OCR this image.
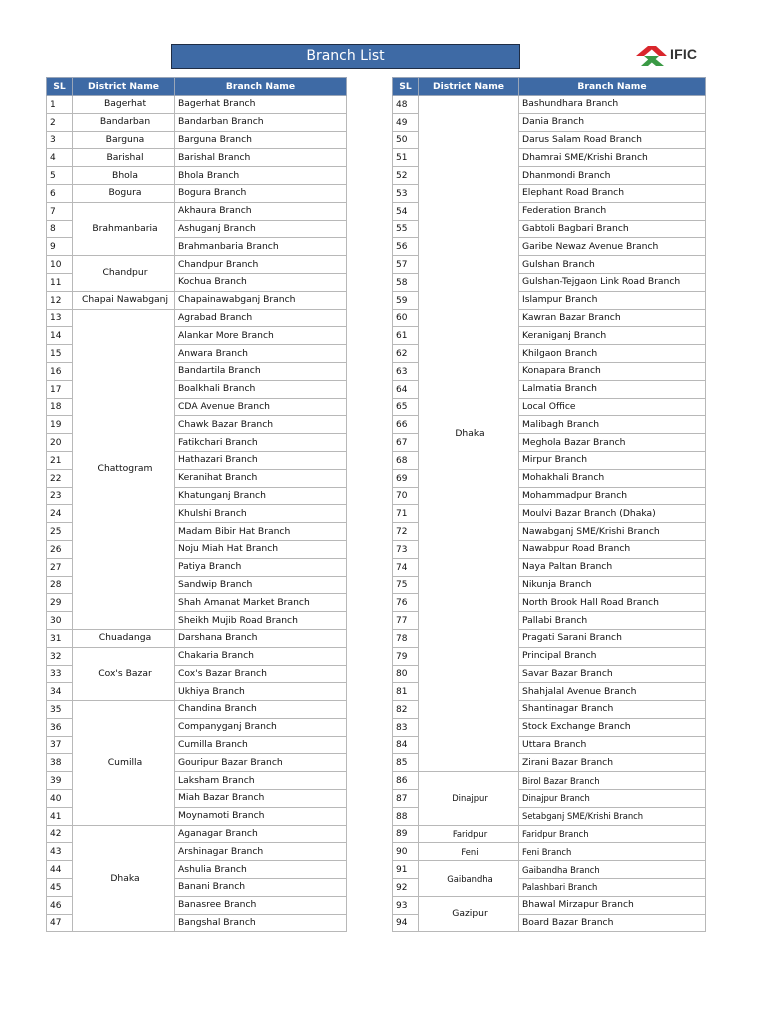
Branch List	IFIC
SL	District Name	Branch Name
1	Bagerhat	Bagerhat Branch
2	Bandarban	Bandarban Branch
3	Barguna	Barguna Branch
4	Barishal	Barishal Branch
5	Bhola	Bhola Branch
6	Bogura	Bogura Branch
7	Brahmanbaria	Akhaura Branch
8		Ashuganj Branch
9		Brahmanbaria Branch
10	Chandpur	Chandpur Branch
11		Kochua Branch
12	Chapai Nawabganj	Chapainawabganj Branch
13	Chattogram	Agrabad Branch
14		Alankar More Branch
15		Anwara Branch
16		Bandartila Branch
17		Boalkhali Branch
18		CDA Avenue Branch
19		Chawk Bazar Branch
20		Fatikchari Branch
21		Hathazari Branch
22		Keranihat Branch
23		Khatunganj Branch
24		Khulshi Branch
25		Madam Bibir Hat Branch
26		Noju Miah Hat Branch
27		Patiya Branch
28		Sandwip Branch
29		Shah Amanat Market Branch
30		Sheikh Mujib Road Branch
31	Chuadanga	Darshana Branch
32	Cox's Bazar	Chakaria Branch
33		Cox's Bazar Branch
34		Ukhiya Branch
35	Cumilla	Chandina Branch
36		Companyganj Branch
37		Cumilla Branch
38		Gouripur Bazar Branch
39		Laksham Branch
40		Miah Bazar Branch
41		Moynamoti Branch
42	Dhaka	Aganagar Branch
43		Arshinagar Branch
44		Ashulia Branch
45		Banani Branch
46		Banasree Branch
47		Bangshal Branch
SL	District Name	Branch Name
48	Dhaka	Bashundhara Branch
49		Dania Branch
50		Darus Salam Road Branch
51		Dhamrai SME/Krishi Branch
52		Dhanmondi Branch
53		Elephant Road Branch
54		Federation Branch
55		Gabtoli Bagbari Branch
56		Garibe Newaz Avenue Branch
57		Gulshan Branch
58		Gulshan-Tejgaon Link Road Branch
59		Islampur Branch
60		Kawran Bazar Branch
61		Keraniganj Branch
62		Khilgaon Branch
63		Konapara Branch
64		Lalmatia Branch
65		Local Office
66		Malibagh Branch
67		Meghola Bazar Branch
68		Mirpur Branch
69		Mohakhali Branch
70		Mohammadpur Branch
71		Moulvi Bazar Branch (Dhaka)
72		Nawabganj SME/Krishi Branch
73		Nawabpur Road Branch
74		Naya Paltan Branch
75		Nikunja Branch
76		North Brook Hall Road Branch
77		Pallabi Branch
78		Pragati Sarani Branch
79		Principal Branch
80		Savar Bazar Branch
81		Shahjalal Avenue Branch
82		Shantinagar Branch
83		Stock Exchange Branch
84		Uttara Branch
85		Zirani Bazar Branch
86	Dinajpur	Birol Bazar Branch
87		Dinajpur Branch
88		Setabganj SME/Krishi Branch
89	Faridpur	Faridpur Branch
90	Feni	Feni Branch
91	Gaibandha	Gaibandha Branch
92		Palashbari Branch
93	Gazipur	Bhawal Mirzapur Branch
94		Board Bazar Branch
